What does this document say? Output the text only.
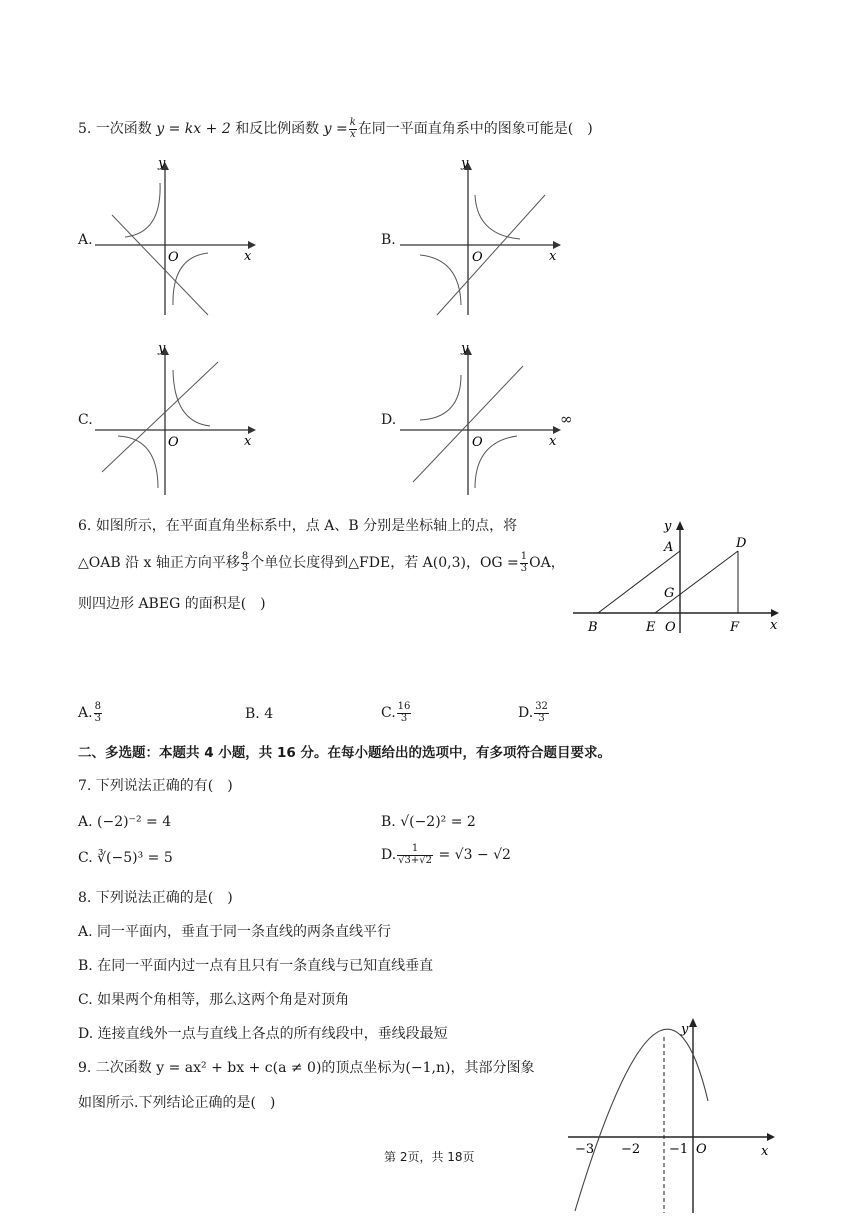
5. 一次函数 y = kx + 2 和反比例函数 $y = \frac{k}{x}$ 在同一平面直角系中的图象可能是(　)
A.	B.
C.	D.
y
x
O
y
x
O
y
x
O
y
x
O
∞
6. 如图所示，在平面直角坐标系中，点 A、B 分别是坐标轴上的点，将
△OAB 沿 x 轴正方向平移 $\frac{8}{3}$ 个单位长度得到△FDE，若 A(0,3)，OG = $\frac{1}{3}$ OA，
则四边形 ABEG 的面积是(　)
y
A	D
G
B	E O	F x
A. $\frac{8}{3}$	B. 4	C. $\frac{16}{3}$	D. $\frac{32}{3}$
二、多选题：本题共 4 小题，共 16 分。在每小题给出的选项中，有多项符合题目要求。
7. 下列说法正确的有(　)
A. (−2)⁻² = 4	B. √(−2)² = 2
C. ∛(−5)³ = 5	D. $\frac{1}{√3+√2} = √3 - √2$
8. 下列说法正确的是(　)
A. 同一平面内，垂直于同一条直线的两条直线平行
B. 在同一平面内过一点有且只有一条直线与已知直线垂直
C. 如果两个角相等，那么这两个角是对顶角
D. 连接直线外一点与直线上各点的所有线段中，垂线段最短
9. 二次函数 y = ax² + bx + c(a ≠ 0)的顶点坐标为(−1,n)，其部分图象
如图所示.下列结论正确的是(　)
y
x
O
−3 −2 −1
第 2页，共 18页
